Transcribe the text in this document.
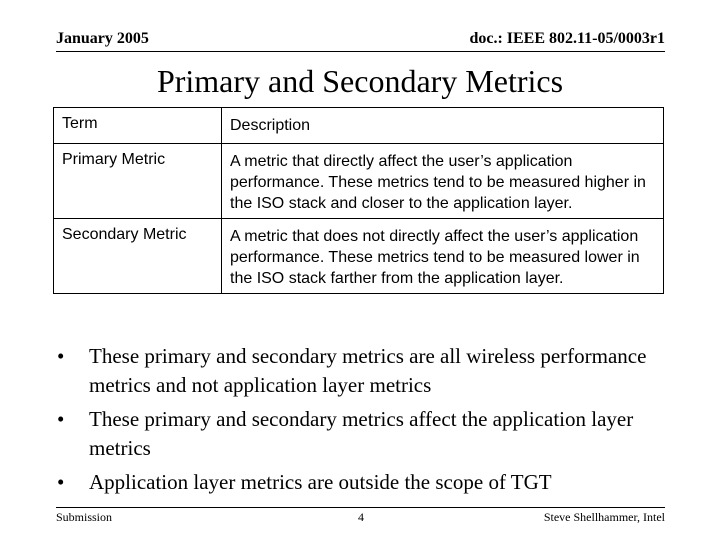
January 2005	doc.: IEEE 802.11-05/0003r1
Primary and Secondary Metrics
Term	Description
Primary Metric	A metric that directly affect the user’s application performance. These metrics tend to be measured higher in the ISO stack and closer to the application layer.
Secondary Metric	A metric that does not directly affect the user’s application performance. These metrics tend to be measured lower in the ISO stack farther from the application layer.
• These primary and secondary metrics are all wireless performance metrics and not application layer metrics
• These primary and secondary metrics affect the application layer metrics
• Application layer metrics are outside the scope of TGT
Submission	4	Steve Shellhammer, Intel
